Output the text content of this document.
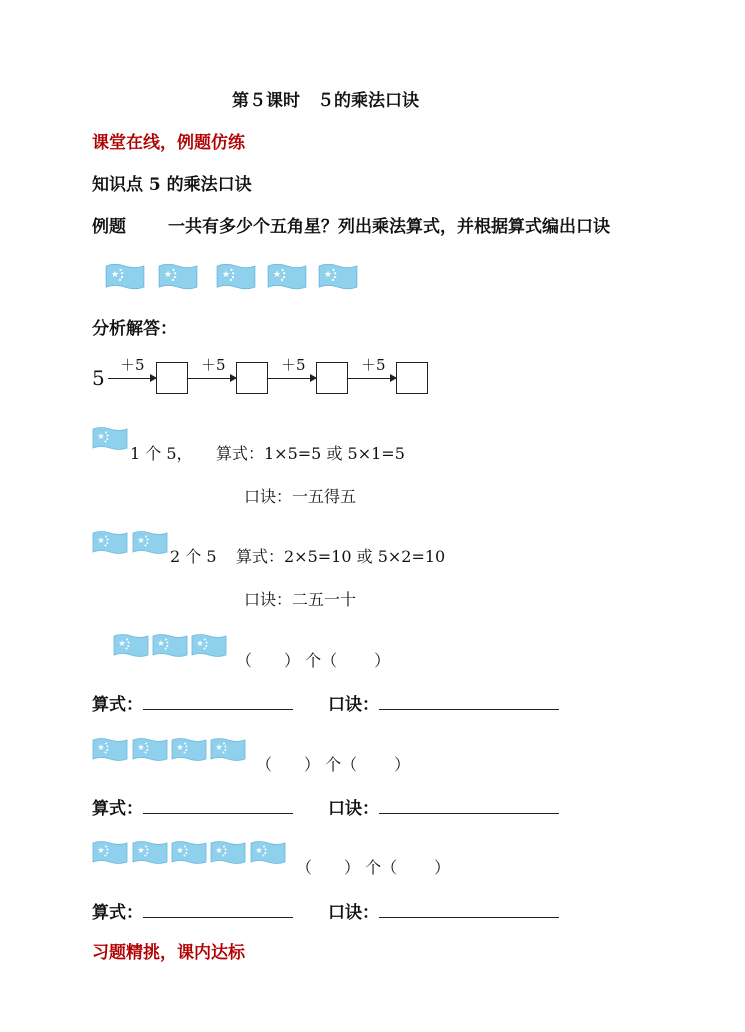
第５课时　５的乘法口诀
课堂在线，例题仿练
知识点 5 的乘法口诀
例题 一共有多少个五角星？列出乘法算式，并根据算式编出口诀
分析解答：
5
＋5	＋5	＋5	＋5
1 个 5， 算式：1×5=5 或 5×1=5
口诀：一五得五
2 个 5 算式：2×5=10 或 5×2=10
口诀：二五一十
（　　） 个（　　 ）
算式：	口诀：
（　　） 个（　　 ）
算式：	口诀：
（　　） 个（　　 ）
算式：	口诀：
习题精挑，课内达标
